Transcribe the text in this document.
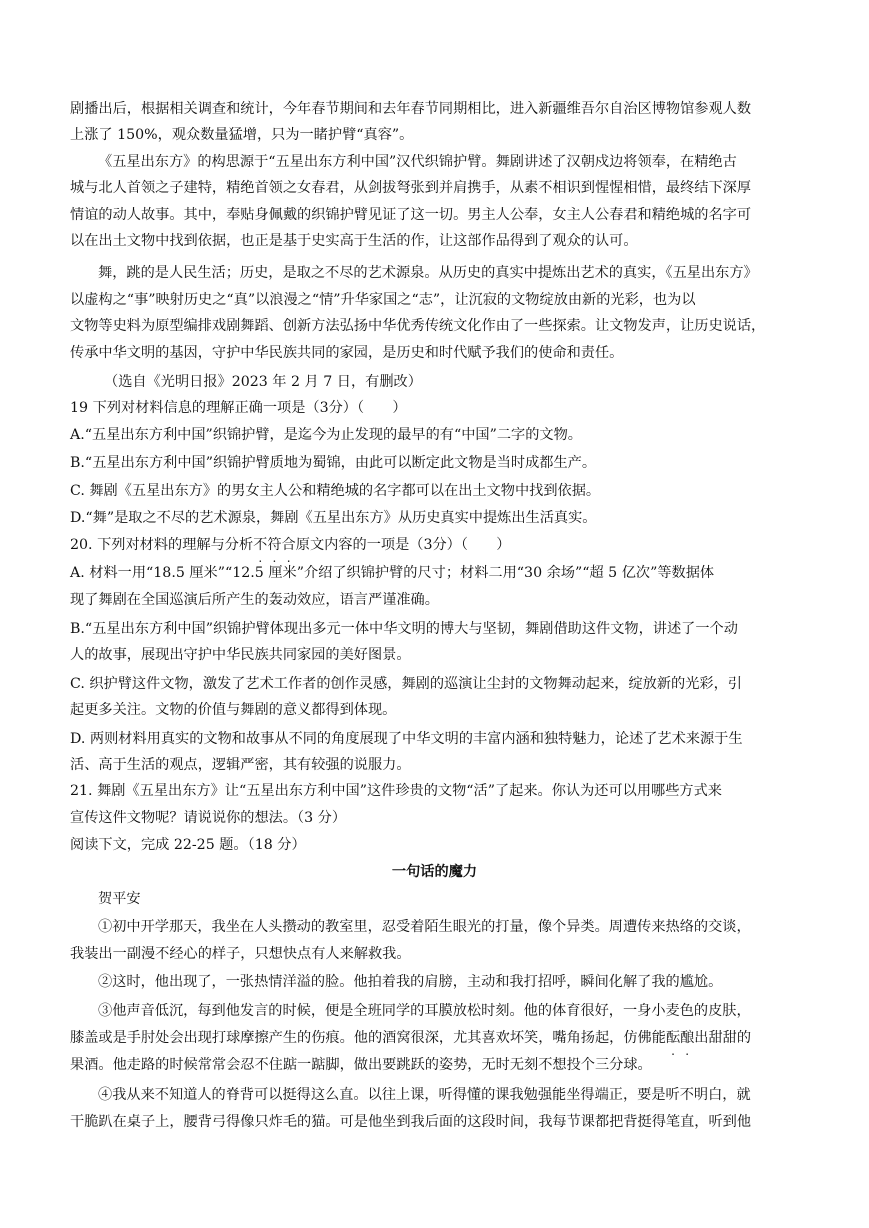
剧播出后，根据相关调查和统计，今年春节期间和去年春节同期相比，进入新疆维吾尔自治区博物馆参观人数
上涨了 150%，观众数量猛增，只为一睹护臂“真容”。
《五星出东方》的构思源于“五星出东方利中国”汉代织锦护臂。舞剧讲述了汉朝戍边将领奉，在精绝古
城与北人首领之子建特，精绝首领之女春君，从剑拔弩张到并肩携手，从素不相识到惺惺相惜，最终结下深厚
情谊的动人故事。其中，奉贴身佩戴的织锦护臂见证了这一切。男主人公奉，女主人公春君和精绝城的名字可
以在出土文物中找到依据，也正是基于史实高于生活的作，让这部作品得到了观众的认可。
舞，跳的是人民生活；历史，是取之不尽的艺术源泉。从历史的真实中提炼出艺术的真实，《五星出东方》
以虚构之“事”映射历史之“真”以浪漫之“情”升华家国之“志”，让沉寂的文物绽放由新的光彩，也为以
文物等史料为原型编排戏剧舞蹈、创新方法弘扬中华优秀传统文化作由了一些探索。让文物发声，让历史说话，
传承中华文明的基因，守护中华民族共同的家园，是历史和时代赋予我们的使命和责任。
（选自《光明日报》2023 年 2 月 7 日，有删改）
19 下列对材料信息的理解正确一项是（3分）（　　）
A.“五星出东方利中国”织锦护臂，是迄今为止发现的最早的有“中国”二字的文物。
B.“五星出东方利中国”织锦护臂质地为蜀锦，由此可以断定此文物是当时成都生产。
C. 舞剧《五星出东方》的男女主人公和精绝城的名字都可以在出土文物中找到依据。
D.“舞”是取之不尽的艺术源泉，舞剧《五星出东方》从历史真实中提炼出生活真实。
20. 下列对材料的理解与分析不符合原文内容的一项是（3分）（　　）
A. 材料一用“18.5 厘米”“12.5 厘米”介绍了织锦护臂的尺寸；材料二用“30 余场”“超 5 亿次”等数据体
现了舞剧在全国巡演后所产生的轰动效应，语言严谨准确。
B.“五星出东方利中国”织锦护臂体现出多元一体中华文明的博大与坚韧，舞剧借助这件文物，讲述了一个动
人的故事，展现出守护中华民族共同家园的美好图景。
C. 织护臂这件文物，激发了艺术工作者的创作灵感，舞剧的巡演让尘封的文物舞动起来，绽放新的光彩，引
起更多关注。文物的价值与舞剧的意义都得到体现。
D. 两则材料用真实的文物和故事从不同的角度展现了中华文明的丰富内涵和独特魅力，论述了艺术来源于生
活、高于生活的观点，逻辑严密，其有较强的说服力。
21. 舞剧《五星出东方》让“五星出东方利中国”这件珍贵的文物“活”了起来。你认为还可以用哪些方式来
宣传这件文物呢？请说说你的想法。（3 分）
阅读下文，完成 22-25 题。（18 分）
一句话的魔力
贺平安
①初中开学那天，我坐在人头攒动的教室里，忍受着陌生眼光的打量，像个异类。周遭传来热络的交谈，
我装出一副漫不经心的样子，只想快点有人来解救我。
②这时，他出现了，一张热情洋溢的脸。他拍着我的肩膀，主动和我打招呼，瞬间化解了我的尴尬。
③他声音低沉，每到他发言的时候，便是全班同学的耳膜放松时刻。他的体育很好，一身小麦色的皮肤，
膝盖或是手肘处会出现打球摩擦产生的伤痕。他的酒窝很深，尤其喜欢坏笑，嘴角扬起，仿佛能酝酿出甜甜的
果酒。他走路的时候常常会忍不住踮一踮脚，做出要跳跃的姿势，无时无刻不想投个三分球。
④我从来不知道人的脊背可以挺得这么直。以往上课，听得懂的课我勉强能坐得端正，要是听不明白，就
干脆趴在桌子上，腰背弓得像只炸毛的猫。可是他坐到我后面的这段时间，我每节课都把背挺得笔直，听到他
